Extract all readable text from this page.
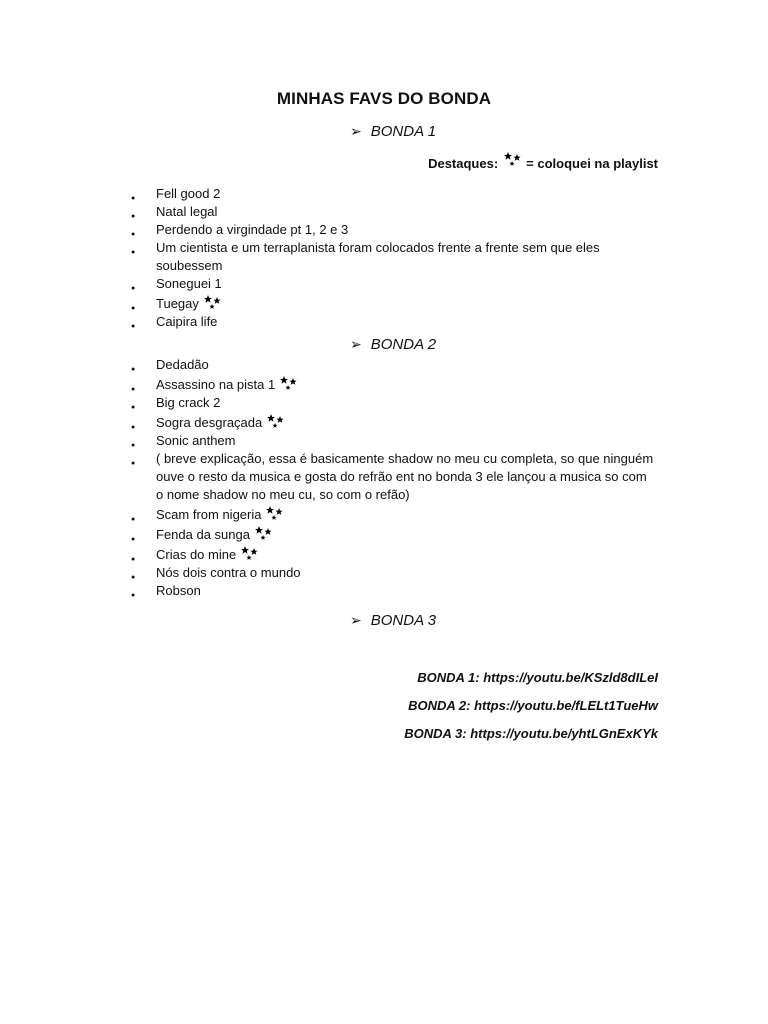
MINHAS FAVS DO BONDA
➢ BONDA 1
Destaques: = coloquei na playlist
● Fell good 2
● Natal legal
● Perdendo a virgindade pt 1, 2 e 3
● Um cientista e um terraplanista foram colocados frente a frente sem que eles soubessem
● Soneguei 1
● Tuegay
● Caipira life
➢ BONDA 2
● Dedadão
● Assassino na pista 1
● Big crack 2
● Sogra desgraçada
● Sonic anthem
● ( breve explicação, essa é basicamente shadow no meu cu completa, so que ninguém ouve o resto da musica e gosta do refrão ent no bonda 3 ele lançou a musica so com o nome shadow no meu cu, so com o refão)
● Scam from nigeria
● Fenda da sunga
● Crias do mine
● Nós dois contra o mundo
● Robson
➢ BONDA 3
BONDA 1: https://youtu.be/KSzld8dILeI
BONDA 2: https://youtu.be/fLELt1TueHw
BONDA 3: https://youtu.be/yhtLGnExKYk
